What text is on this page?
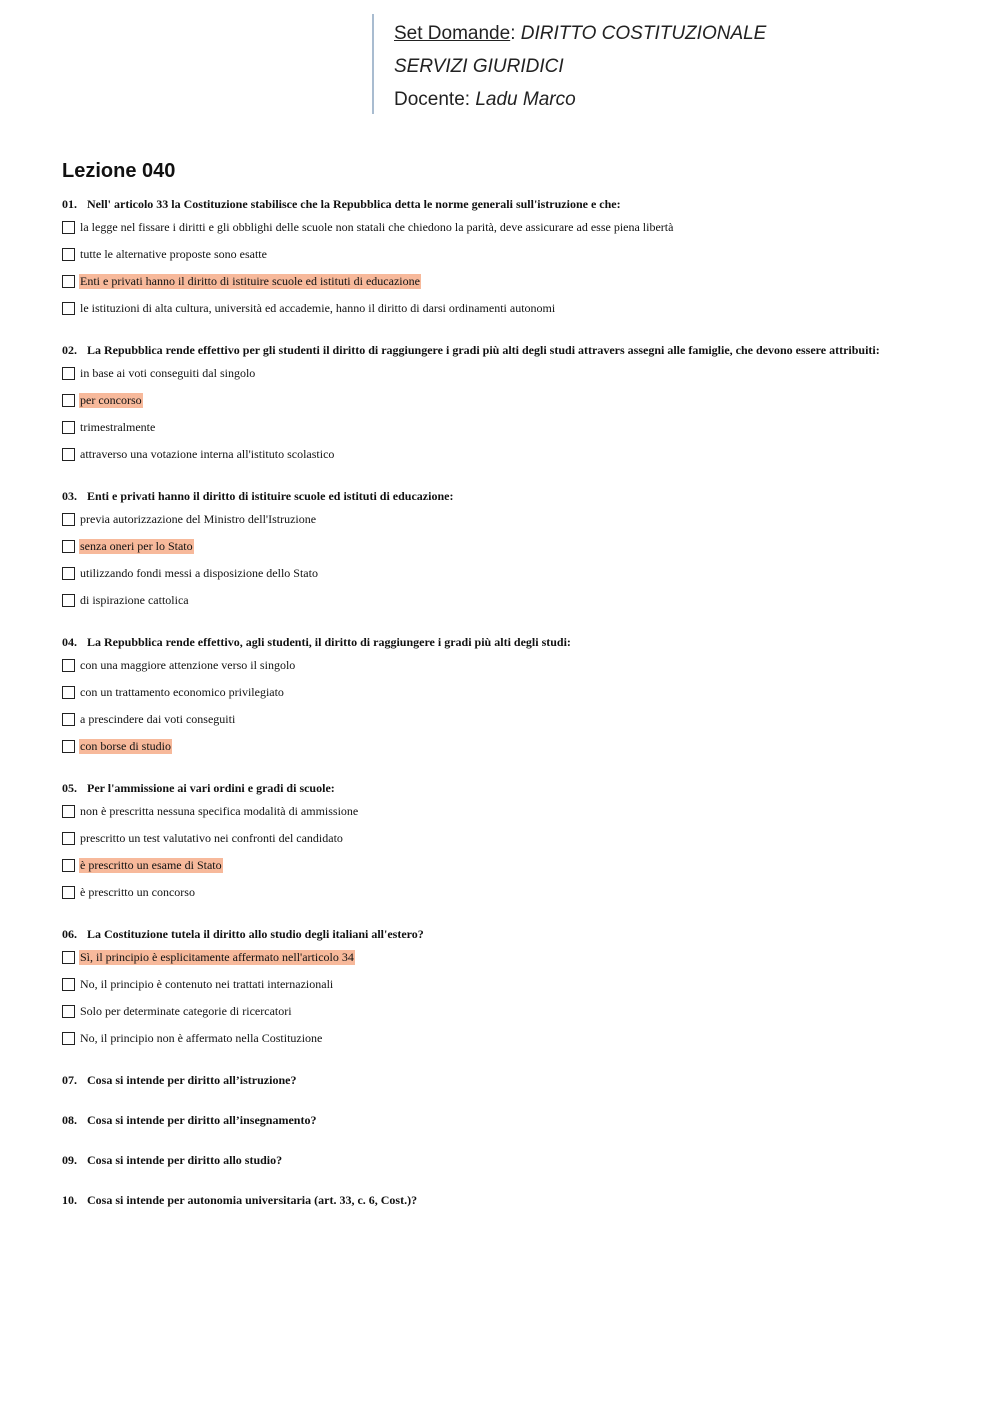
Set Domande: DIRITTO COSTITUZIONALE
SERVIZI GIURIDICI
Docente: Ladu Marco
Lezione 040
01. Nell' articolo 33 la Costituzione stabilisce che la Repubblica detta le norme generali sull'istruzione e che:
la legge nel fissare i diritti e gli obblighi delle scuole non statali che chiedono la parità, deve assicurare ad esse piena libertà
tutte le alternative proposte sono esatte
Enti e privati hanno il diritto di istituire scuole ed istituti di educazione
le istituzioni di alta cultura, università ed accademie, hanno il diritto di darsi ordinamenti autonomi
02. La Repubblica rende effettivo per gli studenti il diritto di raggiungere i gradi più alti degli studi attravers assegni alle famiglie, che devono essere attribuiti:
in base ai voti conseguiti dal singolo
per concorso
trimestralmente
attraverso una votazione interna all'istituto scolastico
03. Enti e privati hanno il diritto di istituire scuole ed istituti di educazione:
previa autorizzazione del Ministro dell'Istruzione
senza oneri per lo Stato
utilizzando fondi messi a disposizione dello Stato
di ispirazione cattolica
04. La Repubblica rende effettivo, agli studenti, il diritto di raggiungere i gradi più alti degli studi:
con una maggiore attenzione verso il singolo
con un trattamento economico privilegiato
a prescindere dai voti conseguiti
con borse di studio
05. Per l'ammissione ai vari ordini e gradi di scuole:
non è prescritta nessuna specifica modalità di ammissione
prescritto un test valutativo nei confronti del candidato
è prescritto un esame di Stato
è prescritto un concorso
06. La Costituzione tutela il diritto allo studio degli italiani all'estero?
Sì, il principio è esplicitamente affermato nell'articolo 34
No, il principio è contenuto nei trattati internazionali
Solo per determinate categorie di ricercatori
No, il principio non è affermato nella Costituzione
07. Cosa si intende per diritto all’istruzione?
08. Cosa si intende per diritto all’insegnamento?
09. Cosa si intende per diritto allo studio?
10. Cosa si intende per autonomia universitaria (art. 33, c. 6, Cost.)?
